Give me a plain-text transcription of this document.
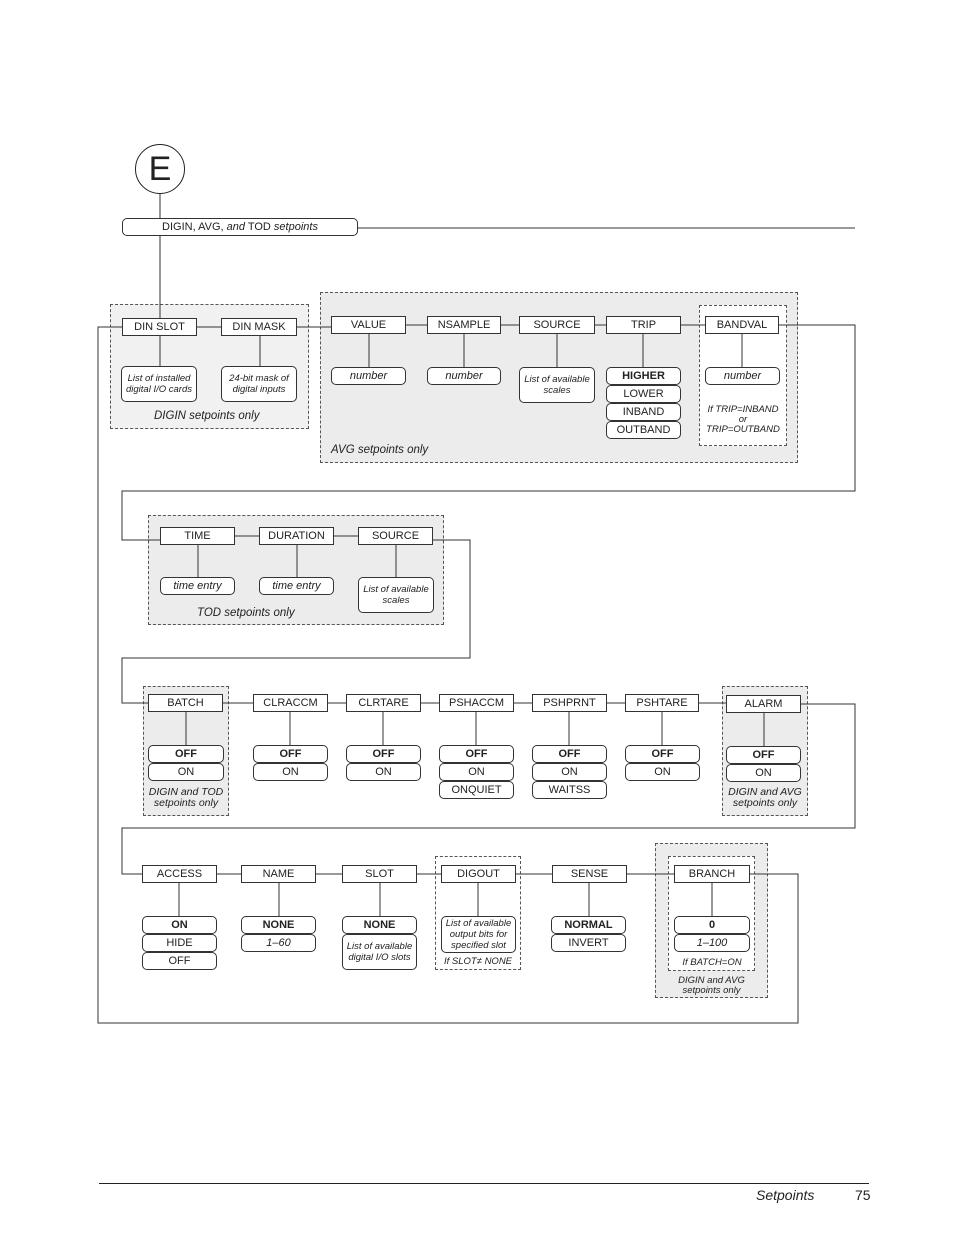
E
DIGIN, AVG, and TOD setpoints
DIN SLOT
List of installed digital I/O cards
DIN MASK
24-bit mask of digital inputs
DIGIN setpoints only
VALUE
number
NSAMPLE
number
SOURCE
List of available scales
TRIP
HIGHER
LOWER
INBAND
OUTBAND
BANDVAL
number
If TRIP=INBAND or TRIP=OUTBAND
AVG setpoints only
TIME
time entry
DURATION
time entry
SOURCE
List of available scales
TOD setpoints only
BATCH
OFF
ON
DIGIN and TOD setpoints only
CLRACCM
OFF
ON
CLRTARE
OFF
ON
PSHACCM
OFF
ON
ONQUIET
PSHPRNT
OFF
ON
WAITSS
PSHTARE
OFF
ON
ALARM
OFF
ON
DIGIN and AVG setpoints only
ACCESS
ON
HIDE
OFF
NAME
NONE
1–60
SLOT
NONE
List of available digital I/O slots
DIGOUT
List of available output bits for specified slot
If SLOT≠ NONE
SENSE
NORMAL
INVERT
BRANCH
0
1–100
If BATCH=ON
DIGIN and AVG setpoints only
Setpoints	75
